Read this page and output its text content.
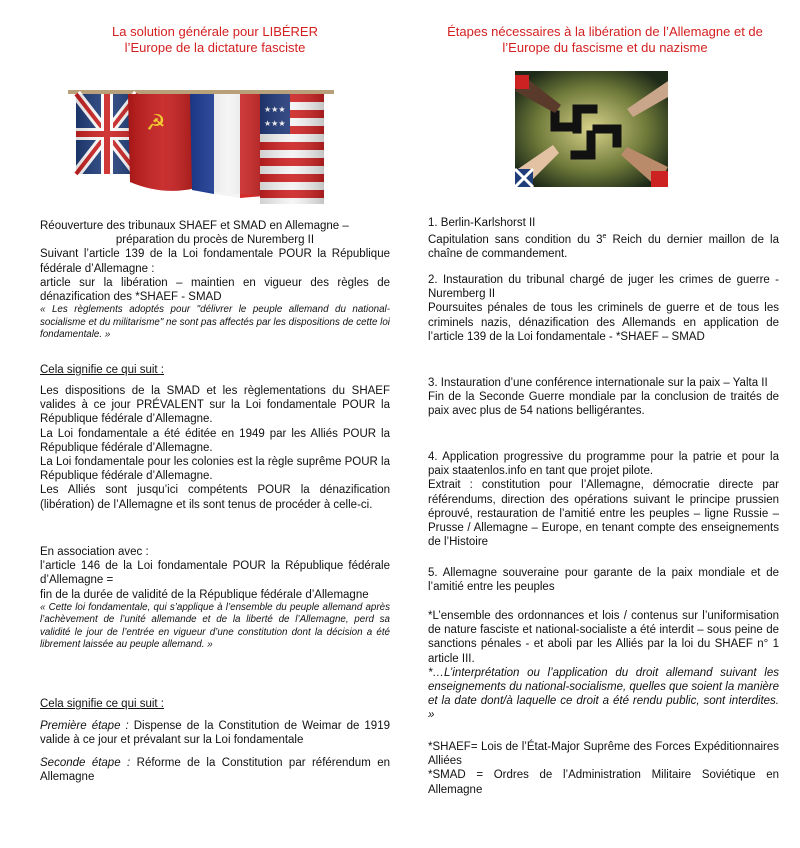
La solution générale pour LIBÉRER
l’Europe de la dictature fasciste
Étapes nécessaires à la libération de l’Allemagne et de
l’Europe du fascisme et du nazisme

Réouverture des tribunaux SHAEF et SMAD en Allemagne –

préparation du procès de Nuremberg II

Suivant l’article 139 de la Loi fondamentale POUR la République fédérale d’Allemagne :

article sur la libération – maintien en vigueur des règles de dénazification des *SHAEF - SMAD

« Les règlements adoptés pour "délivrer le peuple allemand du national-socialisme et du militarisme" ne sont pas affectés par les dispositions de cette loi fondamentale. »

Cela signifie ce qui suit :

Les dispositions de la SMAD et les règlementations du SHAEF valides à ce jour PRÉVALENT sur la Loi fondamentale POUR la République fédérale d’Allemagne.

La Loi fondamentale a été éditée en 1949 par les Alliés POUR la République fédérale d’Allemagne.

La Loi fondamentale pour les colonies est la règle suprême POUR la République fédérale d’Allemagne.

Les Alliés sont jusqu’ici compétents POUR la dénazification (libération) de l’Allemagne et ils sont tenus de procéder à celle-ci.

En association avec :

l’article 146 de la Loi fondamentale POUR la République fédérale d’Allemagne =

fin de la durée de validité de la République fédérale d’Allemagne

« Cette loi fondamentale, qui s’applique à l’ensemble du peuple allemand après l’achèvement de l’unité allemande et de la liberté de l’Allemagne, perd sa validité le jour de l’entrée en vigueur d’une constitution dont la décision a été librement laissée au peuple allemand. »

Cela signifie ce qui suit :

Première étape : Dispense de la Constitution de Weimar de 1919 valide à ce jour et prévalant sur la Loi fondamentale

Seconde étape : Réforme de la Constitution par référendum en Allemagne

1. Berlin-Karlshorst II

Capitulation sans condition du 3e Reich du dernier maillon de la chaîne de commandement.

2. Instauration du tribunal chargé de juger les crimes de guerre - Nuremberg II

Poursuites pénales de tous les criminels de guerre et de tous les criminels nazis, dénazification des Allemands en application de l’article 139 de la Loi fondamentale - *SHAEF – SMAD

3. Instauration d’une conférence internationale sur la paix – Yalta II

Fin de la Seconde Guerre mondiale par la conclusion de traités de paix avec plus de 54 nations belligérantes.

4. Application progressive du programme pour la patrie et pour la paix staatenlos.info en tant que projet pilote.

Extrait : constitution pour l’Allemagne, démocratie directe par référendums, direction des opérations suivant le principe prussien éprouvé, restauration de l’amitié entre les peuples – ligne Russie – Prusse / Allemagne – Europe, en tenant compte des enseignements de l’Histoire

5. Allemagne souveraine pour garante de la paix mondiale et de l’amitié entre les peuples

*L’ensemble des ordonnances et lois / contenus sur l’uniformisation de nature fasciste et national-socialiste a été interdit – sous peine de sanctions pénales - et aboli par les Alliés par la loi du SHAEF n° 1 article III.

*…L’interprétation ou l’application du droit allemand suivant les enseignements du national-socialisme, quelles que soient la manière et la date dont/à laquelle ce droit a été rendu public, sont interdites. »

*SHAEF= Lois de l’État-Major Suprême des Forces Expéditionnaires Alliées

*SMAD = Ordres de l’Administration Militaire Soviétique en Allemagne
